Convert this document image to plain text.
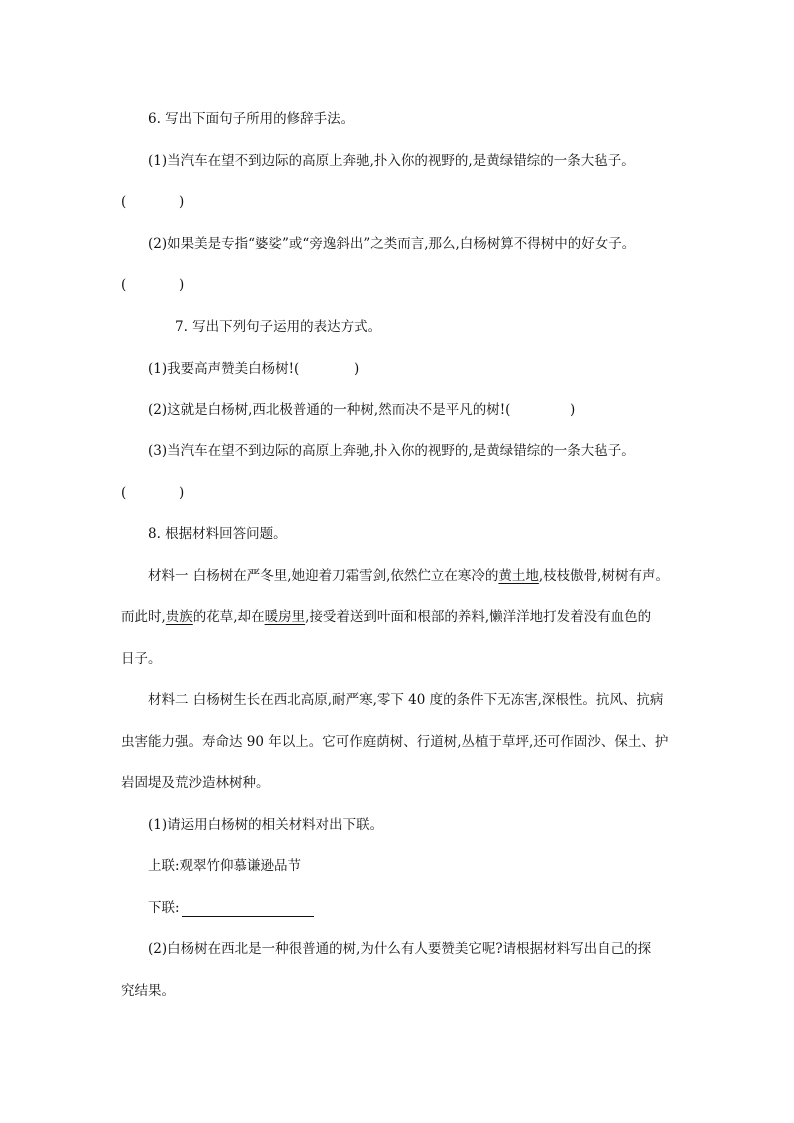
6. 写出下面句子所用的修辞手法。
(1)当汽车在望不到边际的高原上奔驰,扑入你的视野的,是黄绿错综的一条大毡子。
(	)
(2)如果美是专指“婆娑”或“旁逸斜出”之类而言,那么,白杨树算不得树中的好女子。
(	)
7. 写出下列句子运用的表达方式。
(1)我要高声赞美白杨树!(	)
(2)这就是白杨树,西北极普通的一种树,然而决不是平凡的树!(	)
(3)当汽车在望不到边际的高原上奔驰,扑入你的视野的,是黄绿错综的一条大毡子。
(	)
8. 根据材料回答问题。
材料一 白杨树在严冬里,她迎着刀霜雪剑,依然伫立在寒冷的黄土地,枝枝傲骨,树树有声。
而此时,贵族的花草,却在暖房里,接受着送到叶面和根部的养料,懒洋洋地打发着没有血色的
日子。
材料二 白杨树生长在西北高原,耐严寒,零下 40 度的条件下无冻害,深根性。抗风、抗病
虫害能力强。寿命达 90 年以上。它可作庭荫树、行道树,丛植于草坪,还可作固沙、保土、护
岩固堤及荒沙造林树种。
(1)请运用白杨树的相关材料对出下联。
上联:观翠竹仰慕谦逊品节
下联:
(2)白杨树在西北是一种很普通的树,为什么有人要赞美它呢?请根据材料写出自己的探
究结果。
